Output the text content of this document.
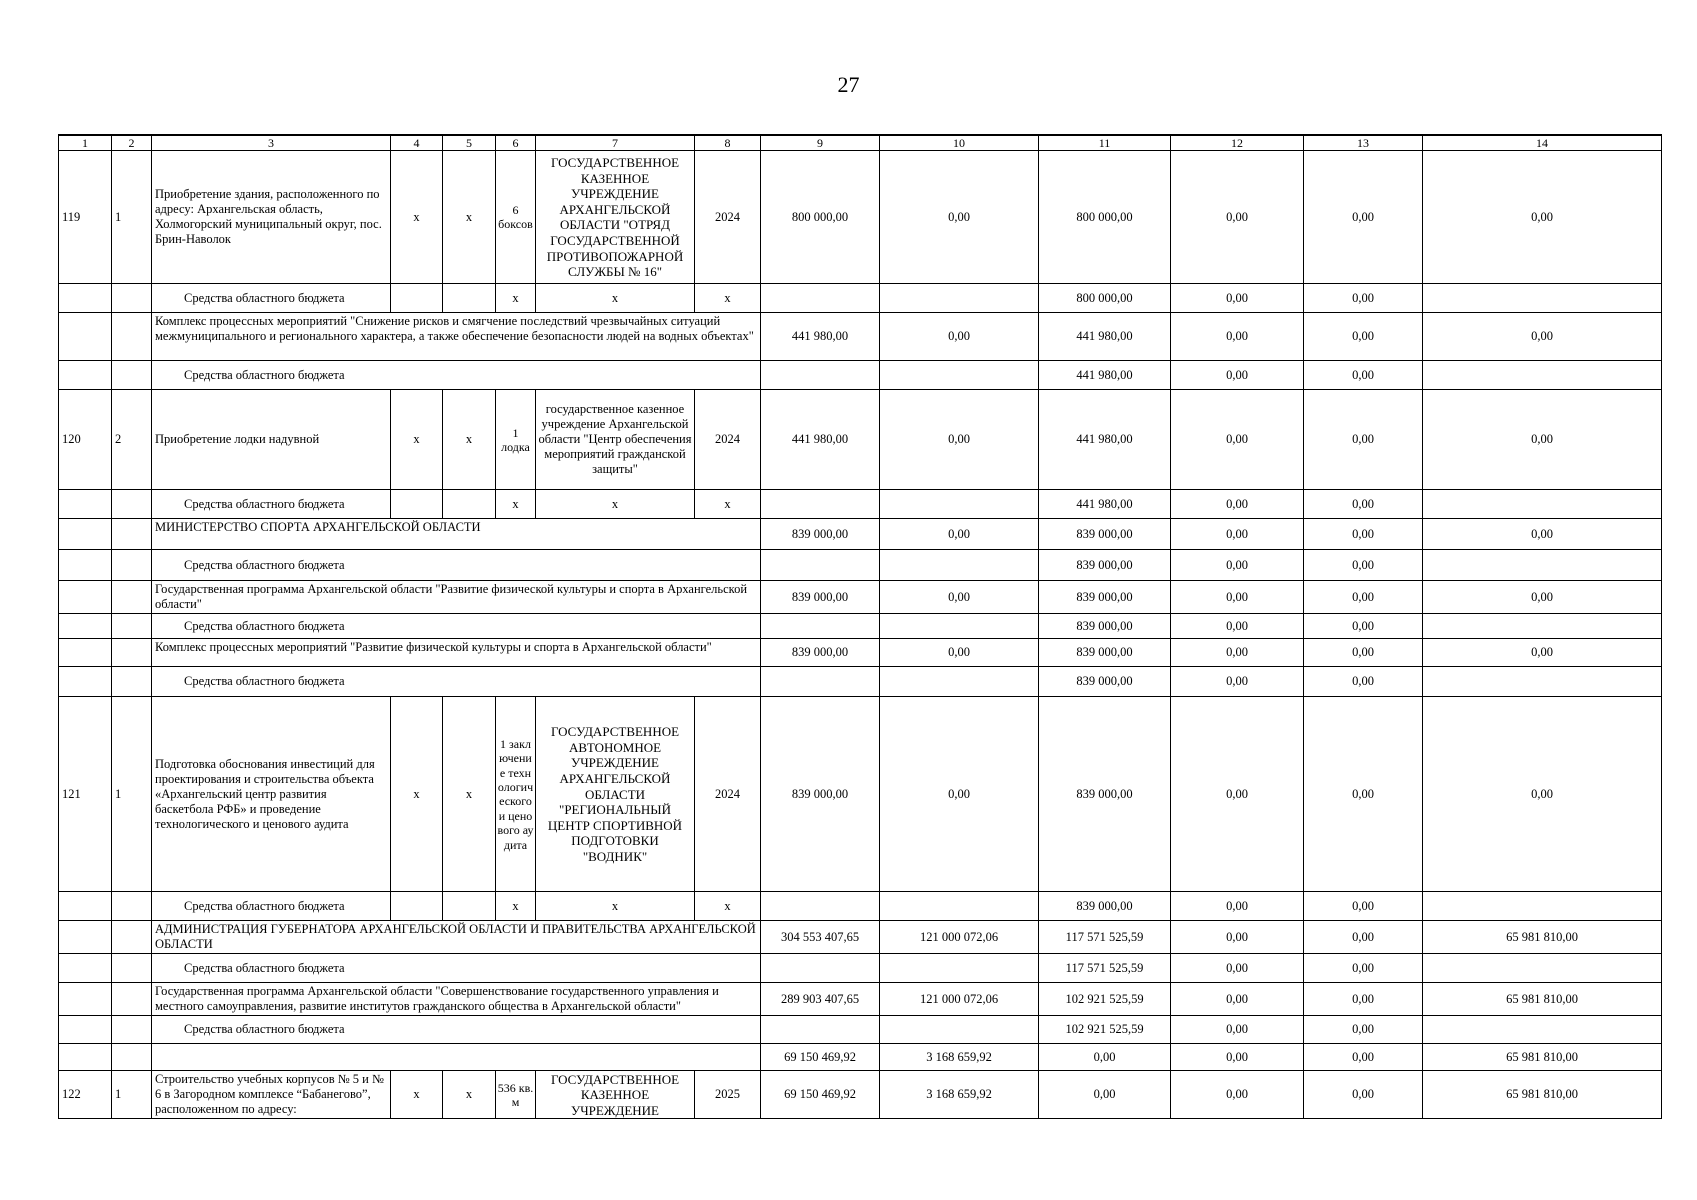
27
1	2	3	4	5	6	7	8	9	10	11	12	13	14
119	1	Приобретение здания, расположенного по адресу: Архангельская область, Холмогорский муниципальный округ, пос. Брин-Наволок	х	х	6 боксов	ГОСУДАРСТВЕННОЕ КАЗЕННОЕ УЧРЕЖДЕНИЕ АРХАНГЕЛЬСКОЙ ОБЛАСТИ "ОТРЯД ГОСУДАРСТВЕННОЙ ПРОТИВОПОЖАРНОЙ СЛУЖБЫ № 16"	2024	800 000,00	0,00	800 000,00	0,00	0,00	0,00
		Средства областного бюджета			х	х	х			800 000,00	0,00	0,00	
		Комплекс процессных мероприятий "Снижение рисков и смягчение последствий чрезвычайных ситуаций межмуниципального и регионального характера, а также обеспечение безопасности людей на водных объектах"						441 980,00	0,00	441 980,00	0,00	0,00	0,00
		Средства областного бюджета								441 980,00	0,00	0,00	
120	2	Приобретение лодки надувной	х	х	1 лодка	государственное казенное учреждение Архангельской области "Центр обеспечения мероприятий гражданской защиты"	2024	441 980,00	0,00	441 980,00	0,00	0,00	0,00
		Средства областного бюджета			х	х	х			441 980,00	0,00	0,00	
		МИНИСТЕРСТВО СПОРТА АРХАНГЕЛЬСКОЙ ОБЛАСТИ						839 000,00	0,00	839 000,00	0,00	0,00	0,00
		Средства областного бюджета								839 000,00	0,00	0,00	
		Государственная программа Архангельской области "Развитие физической культуры и спорта в Архангельской области"						839 000,00	0,00	839 000,00	0,00	0,00	0,00
		Средства областного бюджета								839 000,00	0,00	0,00	
		Комплекс процессных мероприятий "Развитие физической культуры и спорта в Архангельской области"						839 000,00	0,00	839 000,00	0,00	0,00	0,00
		Средства областного бюджета								839 000,00	0,00	0,00	
121	1	Подготовка обоснования инвестиций для проектирования и строительства объекта «Архангельский центр развития баскетбола РФБ» и проведение технологического и ценового аудита	х	х	1 заключение технологического и ценового аудита	ГОСУДАРСТВЕННОЕ АВТОНОМНОЕ УЧРЕЖДЕНИЕ АРХАНГЕЛЬСКОЙ ОБЛАСТИ "РЕГИОНАЛЬНЫЙ ЦЕНТР СПОРТИВНОЙ ПОДГОТОВКИ "ВОДНИК"	2024	839 000,00	0,00	839 000,00	0,00	0,00	0,00
		Средства областного бюджета			х	х	х			839 000,00	0,00	0,00	
		АДМИНИСТРАЦИЯ ГУБЕРНАТОРА АРХАНГЕЛЬСКОЙ ОБЛАСТИ И ПРАВИТЕЛЬСТВА АРХАНГЕЛЬСКОЙ ОБЛАСТИ						304 553 407,65	121 000 072,06	117 571 525,59	0,00	0,00	65 981 810,00
		Средства областного бюджета								117 571 525,59	0,00	0,00	
		Государственная программа Архангельской области "Совершенствование государственного управления и местного самоуправления, развитие институтов гражданского общества в Архангельской области"						289 903 407,65	121 000 072,06	102 921 525,59	0,00	0,00	65 981 810,00
		Средства областного бюджета								102 921 525,59	0,00	0,00	
								69 150 469,92	3 168 659,92	0,00	0,00	0,00	65 981 810,00
122	1	Строительство учебных корпусов № 5 и № 6 в Загородном комплексе “Бабанегово”, расположенном по адресу:	х	х	536 кв. м	ГОСУДАРСТВЕННОЕ КАЗЕННОЕ УЧРЕЖДЕНИЕ	2025	69 150 469,92	3 168 659,92	0,00	0,00	0,00	65 981 810,00
